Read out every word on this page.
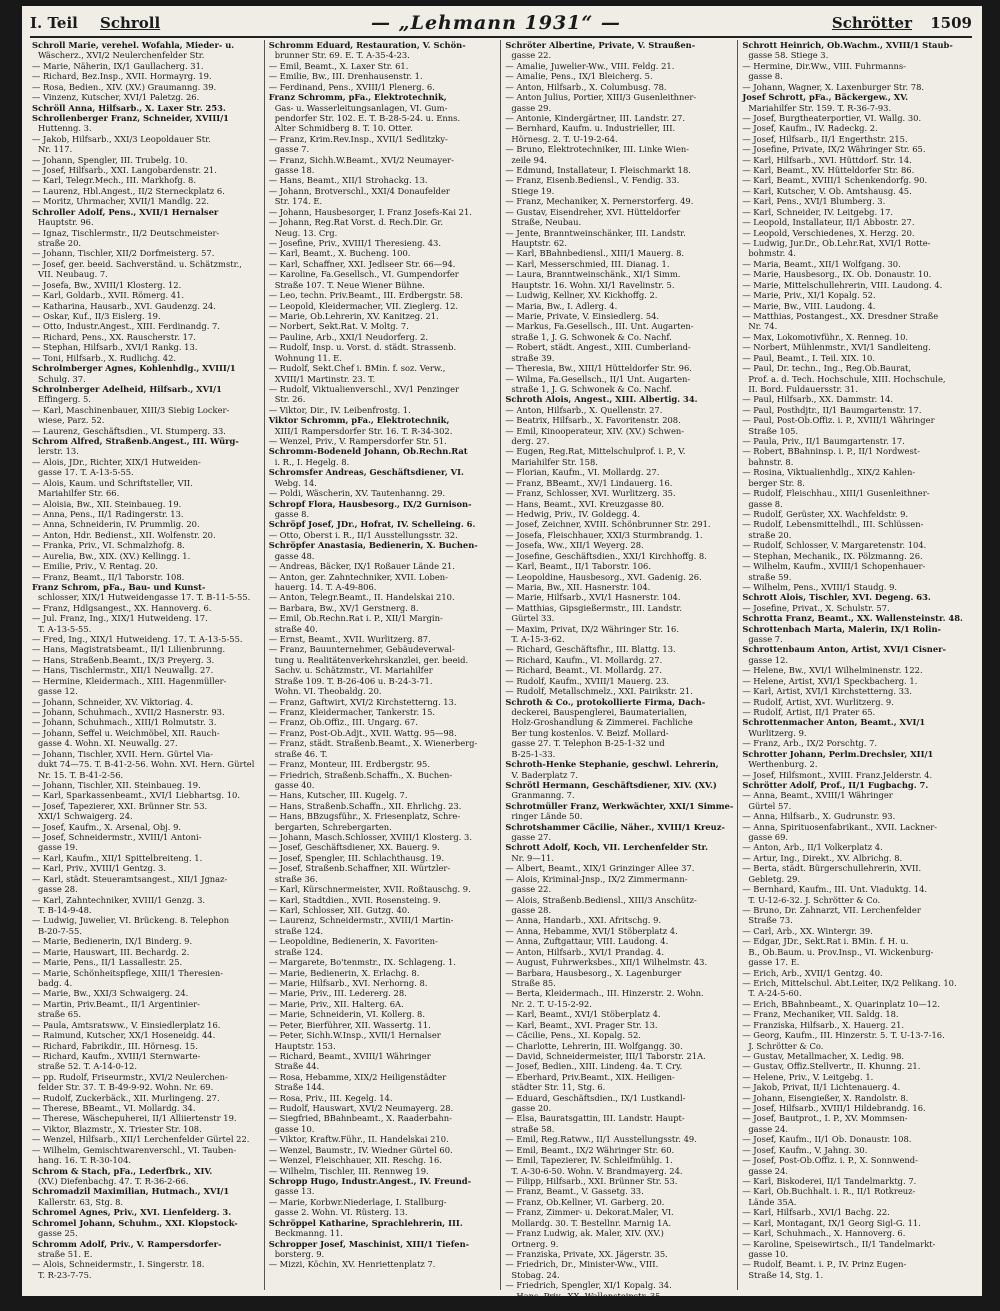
I. Teil	Schroll	— „Lehmann 1931“ —	Schrötter	1509
Schroll Marie, verehel. Wofahla, Mieder- u.
Wäscherz., XVI/2 Neulerchenfelder Str.
— Marie, Näherin, IX/1 Gaullacherg. 31.
— Richard, Bez.Insp., XVII. Hormayrg. 19.
— Rosa, Bedien., XIV. (XV.) Graumanng. 39.
— Vinzenz, Kutscher, XVI/1 Paletzg. 26.
Schröll Anna, Hilfsarb., X. Laxer Str. 253.
Schrollenberger Franz, Schneider, XVIII/1
Huttenng. 3.
— Jakob, Hilfsarb., XXI/3 Leopoldauer Str.
Nr. 117.
— Johann, Spengler, III. Trubelg. 10.
— Josef, Hilfsarb., XXI. Langobardenstr. 21.
— Karl, Telegr.Mech., III. Markhofg. 8.
— Laurenz, Hbl.Angest., II/2 Sterneckplatz 6.
— Moritz, Uhrmacher, XVII/1 Mandlg. 22.
Schroller Adolf, Pens., XVII/1 Hernalser
Hauptstr. 96.
— Ignaz, Tischlermstr., II/2 Deutschmeister-
straße 20.
— Johann, Tischler, XII/2 Dorfmeisterg. 57.
— Josef, ger. beeid. Sachverständ. u. Schätzmstr.,
VII. Neubaug. 7.
— Josefa, Bw., XVIII/1 Klosterg. 12.
— Karl, Goldarb., XVII. Römerg. 41.
— Katharina, Hausarb., XVI. Gaudenzg. 24.
— Oskar, Kuf., II/3 Eislerg. 19.
— Otto, Industr.Angest., XIII. Ferdinandg. 7.
— Richard, Pens., XX. Rauscherstr. 17.
— Stephan, Hilfsarb., XVI/1 Rankg. 13.
— Toni, Hilfsarb., X. Rudlichg. 42.
Schrolmberger Agnes, Kohlenhdlg., XVIII/1
Schulg. 37.
Schrolnberger Adelheid, Hilfsarb., XVI/1
Effingerg. 5.
— Karl, Maschinenbauer, XIII/3 Siebig Locker-
wiese, Parz. 52.
— Laurenz, Geschäftsdien., VI. Stumperg. 33.
Schrom Alfred, Straßenb.Angest., III. Würg-
lerstr. 13.
— Alois, JDr., Richter, XIX/1 Hutweiden-
gasse 17. T. A-13-5-55.
— Alois, Kaum. und Schriftsteller, VII.
Mariahilfer Str. 66.
— Aloisia, Bw., XII. Steinbaueg. 19.
— Anna, Pens., II/1 Radingerstr. 13.
— Anna, Schneiderin, IV. Prummlig. 20.
— Anton, Hdr. Bedienst., XII. Wolfenstr. 20.
— Franka, Priv., VI. Schmalzhofg. 8.
— Aurelia, Bw., XIX. (XV.) Kellingg. 1.
— Emilie, Priv., V. Rentag. 20.
— Franz, Beamt., II/1 Taborstr. 108.
Franz Schrom, pFa., Bau- und Kunst-
schlosser, XIX/1 Hutweidengasse 17. T. B-11-5-55.
— Franz, Hdlgsangest., XX. Hannoverg. 6.
— Jul. Franz, Ing., XIX/1 Hutweideng. 17.
T. A-13-5-55.
— Fred, Ing., XIX/1 Hutweideng. 17. T. A-13-5-55.
— Hans, Magistratsbeamt., II/1 Lilienbrunng.
— Hans, Straßenb.Beamt., IX/3 Preyerg. 3.
— Hans, Tischlermstr., XII/1 Neuwallg. 27.
— Hermine, Kleidermach., XIII. Hagenmüller-
gasse 12.
— Johann, Schneider, XV. Viktoriag. 4.
— Johann, Schuhmach., XVII/2 Hasnerstr. 93.
— Johann, Schuhmach., XIII/1 Rolmutstr. 3.
— Johann, Seffel u. Weichmöbel, XII. Rauch-
gasse 4. Wohn. XI. Neuwallg. 27.
— Johann, Tischler, XVII. Hern. Gürtel Via-
dukt 74—75. T. B-41-2-56. Wohn. XVI. Hern. Gürtel
Nr. 15. T. B-41-2-56.
— Johann, Tischler, XII. Steinbaueg. 19.
— Karl, Sparkassenbeamt., XVI/1 Liebhartsg. 10.
— Josef, Tapezierer, XXI. Brünner Str. 53.
XXI/1 Schwaigerg. 24.
— Josef, Kaufm., X. Arsenal, Obj. 9.
— Josef, Schneidermstr., XVIII/1 Antoni-
gasse 19.
— Karl, Kaufm., XII/1 Spittelbreiteng. 1.
— Karl, Priv., XVIII/1 Gentzg. 3.
— Karl, städt. Steueramtsangest., XII/1 Jgnaz-
gasse 28.
— Karl, Zahntechniker, XVIII/1 Genzg. 3.
T. B-14-9-48.
— Ludwig, Juwelier, VI. Brückeng. 8. Telephon
B-20-7-55.
— Marie, Bedienerin, IX/1 Binderg. 9.
— Marie, Hauswart, III. Bechardg. 2.
— Marie, Pens., II/1 Lassallestr. 25.
— Marie, Schönheitspflege, XIII/1 Theresien-
badg. 4.
— Marie, Bw., XXI/3 Schwaigerg. 24.
— Martin, Priv.Beamt., II/1 Argentinier-
straße 65.
— Paula, Amtsratsww., V. Einsiedlerplatz 16.
— Raimund, Kutscher, XX/1 Hoseneidg. 44.
— Richard, Fabrikdir., III. Hörnesg. 15.
— Richard, Kaufm., XVIII/1 Sternwarte-
straße 52. T. A-14-0-12.
— pp. Rudolf, Friseurmstr., XVI/2 Neulerchen-
felder Str. 37. T. B-49-9-92. Wohn. Nr. 69.
— Rudolf, Zuckerbäck., XII. Murlingeng. 27.
— Therese, BBeamt., VI. Mollardg. 34.
— Therese, Wäschepuherei, II/1 Alliiertenstr 19.
— Viktor, Blazmstr., X. Triester Str. 108.
— Wenzel, Hilfsarb., XII/1 Lerchenfelder Gürtel 22.
— Wilhelm, Gemischtwarenverschl., VI. Tauben-
hang. 16. T. R-30-104.
Schrom & Stach, pFa., Lederfbrk., XIV.
(XV.) Diefenbachg. 47. T. R-36-2-66.
Schromadzil Maximilian, Hutmach., XVI/1
Kallerstr. 63, Stg. 8.
Schromel Agnes, Priv., XVI. Lienfelderg. 3.
Schromel Johann, Schuhm., XXI. Klopstock-
gasse 25.
Schromm Adolf, Priv., V. Rampersdorfer-
straße 51. E.
— Alois, Schneidermstr., I. Singerstr. 18.
T. R-23-7-75.
Schromm Eduard, Restauration, V. Schön-
brunner Str. 69. E. T. A-35-4-23.
— Emil, Beamt., X. Laxer Str. 61.
— Emilie, Bw., III. Drenhausenstr. 1.
— Ferdinand, Pens., XVIII/1 Plenerg. 6.
Franz Schromm, pFa., Elektrotechnik,
Gas- u. Wasserleitungsanlagen, VI. Gum-
pendorfer Str. 102. E. T. B-28-5-24. u. Enns.
Alter Schmidberg 8. T. 10. Otter.
— Franz, Krim.Rev.Insp., XVII/1 Sedlitzky-
gasse 7.
— Franz, Sichh.W.Beamt., XVI/2 Neumayer-
gasse 18.
— Hans, Beamt., XII/1 Strohackg. 13.
— Johann, Brotverschl., XXI/4 Donaufelder
Str. 174. E.
— Johann, Hausbesorger, I. Franz Josefs-Kai 21.
— Johann, Reg.Rat Vorst. d. Rech.Dir. Gr.
Neug. 13. Crg.
— Josefine, Priv., XVIII/1 Theresieng. 43.
— Karl, Beamt., X. Bucheng. 100.
— Karl, Schaffner, XXI. Jedlseer Str. 66—94.
— Karoline, Fa.Gesellsch., VI. Gumpendorfer
Straße 107. T. Neue Wiener Bühne.
— Leo, techn. Priv.Beamt., III. Erdbergstr. 58.
— Leopold, Kleidermacher, VII. Zieglerg. 12.
— Marie, Ob.Lehrerin, XV. Kanitzeg. 21.
— Norbert, Sekt.Rat. V. Moltg. 7.
— Pauline, Arb., XXI/1 Neudorferg. 2.
— Rudolf, Insp. u. Vorst. d. städt. Strassenb.
Wohnung 11. E.
— Rudolf, Sekt.Chef i. BMin. f. soz. Verw.,
XVIII/1 Martinstr. 23. T.
— Rudolf, Viktualienverschl., XV/1 Penzinger
Str. 26.
— Viktor, Dir., IV. Leibenfrostg. 1.
Viktor Schromm, pFa., Elektrotechnik,
XIII/1 Rampersdorfer Str. 16. T. R-34-302.
— Wenzel, Priv., V. Rampersdorfer Str. 51.
Schromm-Bodeneld Johann, Ob.Rechn.Rat
i. R., I. Hegelg. 8.
Schromsfer Andreas, Geschäftsdiener, VI.
Webg. 14.
— Poldi, Wäscherin, XV. Tautenhanng. 29.
Schropf Flora, Hausbesorg., IX/2 Gurnison-
gasse 8.
Schröpf Josef, JDr., Hofrat, IV. Schelleing. 6.
— Otto, Oberst i. R., II/1 Ausstellungsstr. 32.
Schröpfer Anastasia, Bedienerin, X. Buchen-
gasse 48.
— Andreas, Bäcker, IX/1 Roßauer Lände 21.
— Anton, ger. Zahntechniker, XVII. Loben-
hauerg. 14. T. A-49-806.
— Anton, Telegr.Beamt., II. Handelskai 210.
— Barbara, Bw., XV/1 Gerstnerg. 8.
— Emil, Ob.Rechn.Rat i. P., XII/1 Margin-
straße 40.
— Ernst, Beamt., XVII. Wurlitzerg. 87.
— Franz, Bauunternehmer, Gebäudeverwal-
tung u. Realitätenverkehrskanzlei, ger. beeid.
Sachv. u. Schätzmstr., VI. Mariahilfer
Straße 109. T. B-26-406 u. B-24-3-71.
Wohn. VI. Theobaldg. 20.
— Franz, Gaftwirt, XVI/2 Kirchstetterng. 13.
— Franz, Kleidermacher, Tankerstr. 15.
— Franz, Ob.Offiz., III. Ungarg. 67.
— Franz, Post-Ob.Adjt., XVII. Wattg. 95—98.
— Franz, städt. Straßenb.Beamt., X. Wienerberg-
straße 46. T.
— Franz, Monteur, III. Erdbergstr. 95.
— Friedrich, Straßenb.Schaffn., X. Buchen-
gasse 40.
— Hans, Kutscher, III. Kugelg. 7.
— Hans, Straßenb.Schaffn., XII. Ehrlichg. 23.
— Hans, BBzugsführ., X. Friesenplatz, Schre-
bergarten, Schrebergarten.
— Johann, Masch.Schlosser, XVIII/1 Klosterg. 3.
— Josef, Geschäftsdiener, XX. Bauerg. 9.
— Josef, Spengler, III. Schlachthausg. 19.
— Josef, Straßenb.Schaffner, XII. Würtzler-
straße 36.
— Karl, Kürschnermeister, XVII. Roßtauschg. 9.
— Karl, Stadtdien., XVII. Rosensteing. 9.
— Karl, Schlosser, XII. Gutzg. 40.
— Laurenz, Schneidermstr., XVIII/1 Martin-
straße 124.
— Leopoldine, Bedienerin, X. Favoriten-
straße 124.
— Margarete, Bo'tenmstr., IX. Schlageng. 1.
— Marie, Bedienerin, X. Erlachg. 8.
— Marie, Hilfsarb., XVI. Nerhorng. 8.
— Marie, Priv., III. Ledererg. 28.
— Marie, Priv., XII. Halterg. 6A.
— Marie, Schneiderin, VI. Kollerg. 8.
— Peter, Bierführer, XII. Wassertg. 11.
— Peter, Sichh.W.Insp., XVII/1 Hernalser
Hauptstr. 153.
— Richard, Beamt., XVIII/1 Währinger
Straße 44.
— Rosa, Hebamme, XIX/2 Heiligenstädter
Straße 144.
— Rosa, Priv., III. Kegelg. 14.
— Rudolf, Hauswart, XVI/2 Neumayerg. 28.
— Siegfried, BBahnbeamt., X. Raaderbahn-
gasse 10.
— Viktor, Kraftw.Führ., II. Handelskai 210.
— Wenzel, Baumstr., IV. Wiedner Gürtel 60.
— Wenzel, Fleischhauer, XII. Reschg. 16.
— Wilhelm, Tischler, III. Rennweg 19.
Schropp Hugo, Industr.Angest., IV. Freund-
gasse 13.
— Marie, Korbwr.Niederlage, I. Stallburg-
gasse 2. Wohn. VI. Rüsterg. 13.
Schröppel Katharine, Sprachlehrerin, III.
Beckmanng. 11.
Schropper Josef, Maschinist, XIII/1 Tiefen-
borsterg. 9.
— Mizzi, Köchin, XV. Henriettenplatz 7.
Schröter Albertine, Private, V. Straußen-
gasse 22.
— Amalie, Juwelier-Ww., VIII. Feldg. 21.
— Amalie, Pens., IX/1 Bleicherg. 5.
— Anton, Hilfsarb., X. Columbusg. 78.
— Anton Julius, Portier, XIII/3 Gusenleithner-
gasse 29.
— Antonie, Kindergärtner, III. Landstr. 27.
— Bernhard, Kaufm. u. Industrieller, III.
Hörnesg. 2. T. U-19-2-64.
— Bruno, Elektrotechniker, III. Linke Wien-
zeile 94.
— Edmund, Installateur, I. Fleischmarkt 18.
— Franz, Eisenb.Bediensl., V. Fendig. 33.
Stiege 19.
— Franz, Mechaniker, X. Pernerstorferg. 49.
— Gustav, Eisendreher, XVI. Hütteldorfer
Straße, Neubau.
— Jente, Branntweinschänker, III. Landstr.
Hauptstr. 62.
— Karl, BBahnbediensl., XIII/1 Mauerg. 8.
— Karl, Messerschmied, III. Dianag. 1.
— Laura, Branntweinschänk., XI/1 Simm.
Hauptstr. 16. Wohn. XI/1 Ravelinstr. 5.
— Ludwig, Kellner, XV. Kickhoffg. 2.
— Maria, Bw., I. Adlerg. 4.
— Marie, Private, V. Einsiedlerg. 54.
— Markus, Fa.Gesellsch., III. Unt. Augarten-
straße 1, J. G. Schwonek & Co. Nachf.
— Robert, städt. Angest., XIII. Cumberland-
straße 39.
— Theresia, Bw., XIII/1 Hütteldorfer Str. 96.
— Wilma, Fa.Gesellsch., II/1 Unt. Augarten-
straße 1, J. G. Schwonek & Co. Nachf.
Schroth Alois, Angest., XIII. Albertig. 34.
— Anton, Hilfsarb., X. Quellenstr. 27.
— Beatrix, Hilfsarb., X. Favoritenstr. 208.
— Emil, Kinooperateur, XIV. (XV.) Schwen-
derg. 27.
— Eugen, Reg.Rat, Mittelschulprof. i. P., V.
Mariahilfer Str. 158.
— Florian, Kaufm., VI. Mollardg. 27.
— Franz, BBeamt., XV/1 Lindauerg. 16.
— Franz, Schlosser, XVI. Wurlitzerg. 35.
— Hans, Beamt., XVI. Kreuzgasse 80.
— Hedwig, Priv., IV. Goldegg. 4.
— Josef, Zeichner, XVIII. Schönbrunner Str. 291.
— Josefa, Fleischhauer, XXI/3 Sturmbrandg. 1.
— Josefa, Ww., XII/1 Weyerg. 28.
— Josefine, Geschäftsdien., XXI/1 Kirchhoffg. 8.
— Karl, Beamt., II/1 Taborstr. 106.
— Leopoldine, Hausbesorg., XVI. Gadenig. 26.
— Maria, Bw., XII. Hasnerstr. 104.
— Marie, Hilfsarb., XVI/1 Hasnerstr. 104.
— Matthias, Gipsgießermstr., III. Landstr.
Gürtel 33.
— Maxim, Privat, IX/2 Währinger Str. 16.
T. A-15-3-62.
— Richard, Geschäftsfhr., III. Blattg. 13.
— Richard, Kaufm., VI. Mollardg. 27.
— Richard, Beamt., VI. Mollardg. 27.
— Rudolf, Kaufm., XVIII/1 Mauerg. 23.
— Rudolf, Metallschmelz., XXI. Pairikstr. 21.
Schroth & Co., protokollierte Firma, Dach-
deckerei, Bauspenglerei, Baumaterialien,
Holz-Groshandlung & Zimmerei. Fachliche
Ber tung kostenlos. V. Beizf. Mollard-
gasse 27. T. Telephon B-25-1-32 und
B-25-1-33.
Schroth-Henke Stephanie, geschwl. Lehrerin,
V. Baderplatz 7.
Schrötl Hermann, Geschäftsdiener, XIV. (XV.)
Granmanng. 7.
Schrotmüller Franz, Werkwächter, XXI/1 Simme-
ringer Lände 50.
Schrotshammer Cäcilie, Näher., XVIII/1 Kreuz-
gasse 27.
Schrott Adolf, Koch, VII. Lerchenfelder Str.
Nr. 9—11.
— Albert, Beamt., XIX/1 Grinzinger Allee 37.
— Alois, Kriminal-Jnsp., IX/2 Zimmermann-
gasse 22.
— Alois, Straßenb.Bediensl., XIII/3 Anschütz-
gasse 28.
— Anna, Handarb., XXI. Afritschg. 9.
— Anna, Hebamme, XVI/1 Stöberplatz 4.
— Anna, Zuftgattaur, VIII. Laudong. 4.
— Anton, Hilfsarb., XVI/1 Prandag. 4.
— August, Fuhrwerksbes., XII/1 Wilhelmstr. 43.
— Barbara, Hausbesorg., X. Lagenburger
Straße 85.
— Berta, Kleidermach., III. Hinzerstr. 2. Wohn.
Nr. 2. T. U-15-2-92.
— Karl, Beamt., XVI/1 Stöberplatz 4.
— Karl, Beamt., XVI. Prager Str. 13.
— Cäcilie, Pens., XI. Kopalg. 52.
— Charlotte, Lehrerin, III. Wolfgangg. 30.
— David, Schneidermeister, III/1 Taborstr. 21A.
— Josef, Bedien., XIII. Lindeng. 4a. T. Cry.
— Eberhard, Priv.Beamt., XIX. Heiligen-
städter Str. 11, Stg. 6.
— Eduard, Geschäftsdien., IX/1 Lustkandl-
gasse 20.
— Elsa, Bauratsgattin, III. Landstr. Haupt-
straße 58.
— Emil, Reg.Ratww., II/1 Ausstellungsstr. 49.
— Emil, Beamt., IX/2 Währinger Str. 60.
— Emil, Tapezierer, IV. Schleifmühlg. 1.
T. A-30-6-50. Wohn. V. Brandmayerg. 24.
— Filipp, Hilfsarb., XXI. Brünner Str. 53.
— Franz, Beamt., V. Gassetg. 33.
— Franz, Ob.Kellner, VI. Garberg. 20.
— Franz, Zimmer- u. Dekorat.Maler, VI.
Mollardg. 30. T. Bestellnr. Marnig 1A.
— Franz Ludwig, ak. Maler, XIV. (XV.)
Ortnerg. 9.
— Franziska, Private, XX. Jägerstr. 35.
— Friedrich, Dr., Minister-Ww., VIII.
Stobag. 24.
— Friedrich, Spengler, XI/1 Kopalg. 34.
— Hans, Priv., XX. Wallensteinstr. 35.
— Hanft, Schneidermstr., VII. Neubaug. 45.
Schrott Heinrich, Ob.Wachm., XVIII/1 Staub-
gasse 58. Stiege 3.
— Hermine, Dir.Ww., VIII. Fuhrmanns-
gasse 8.
— Johann, Wagner, X. Laxenburger Str. 78.
Josef Schrott, pFa., Bäckergew., XV.
Mariahilfer Str. 159. T. R-36-7-93.
— Josef, Burgtheaterportier, VI. Wallg. 30.
— Josef, Kaufm., IV. Radeckg. 2.
— Josef, Hilfsarb., II/1 Engerthstr. 215.
— Josefine, Private, IX/2 Währinger Str. 65.
— Karl, Hilfsarb., XVI. Hüttdorf. Str. 14.
— Karl, Beamt., XV. Hütteldorfer Str. 86.
— Karl, Beamt., XVIII/1 Schenkendorfg. 90.
— Karl, Kutscher, V. Ob. Amtshausg. 45.
— Karl, Pens., XVI/1 Blumberg. 3.
— Karl, Schneider, IV. Leitgebg. 17.
— Leopold, Installateur, II/1 Abbostr. 27.
— Leopold, Verschiedenes, X. Herzg. 20.
— Ludwig, Jur.Dr., Ob.Lehr.Rat, XVI/1 Rotte-
bohmstr. 4.
— Maria, Beamt., XII/1 Wolfgang. 30.
— Marie, Hausbesorg., IX. Ob. Donaustr. 10.
— Marie, Mittelschullehrerin, VIII. Laudong. 4.
— Marie, Priv., XI/1 Kopalg. 52.
— Marie, Bw., VIII. Laudong. 4.
— Matthias, Postangest., XX. Dresdner Straße
Nr. 74.
— Max, Lokomotivführ., X. Renneg. 10.
— Norbert, Mühlenmstr., XVI/1 Sandleiteng.
— Paul, Beamt., I. Teil. XIX. 10.
— Paul, Dr. techn., Ing., Reg.Ob.Baurat,
Prof. a. d. Tech. Hochschule, XIII. Hochschule,
II. Bord. Fuldauersstr. 31.
— Paul, Hilfsarb., XX. Dammstr. 14.
— Paul, Posthdjtr., II/1 Baumgartenstr. 17.
— Paul, Post-Ob.Offiz. i. P., XVIII/1 Währinger
Straße 105.
— Paula, Priv., II/1 Baumgartenstr. 17.
— Robert, BBahninsp. i. P., II/1 Nordwest-
bahnstr. 8.
— Rosina, Viktualienhdlg., XIX/2 Kahlen-
berger Str. 8.
— Rudolf, Fleischhau., XIII/1 Gusenleithner-
gasse 8.
— Rudolf, Gerüster, XX. Wachfeldstr. 9.
— Rudolf, Lebensmittelhdl., III. Schlüssen-
straße 20.
— Rudolf, Schlosser, V. Margaretenstr. 104.
— Stephan, Mechanik., IX. Pölzmanng. 26.
— Wilhelm, Kaufm., XVIII/1 Schopenhauer-
straße 59.
— Wilhelm, Pens., XVIII/1 Staudg. 9.
Schrott Alois, Tischler, XVI. Degeng. 63.
— Josefine, Privat., X. Schulstr. 57.
Schrotta Franz, Beamt., XX. Wallensteinstr. 48.
Schrottenbach Marta, Malerin, IX/1 Rolin-
gasse 7.
Schrottenbaum Anton, Artist, XVI/1 Cisner-
gasse 12.
— Helene, Bw., XVI/1 Wilhelminenstr. 122.
— Helene, Artist, XVI/1 Speckbacherg. 1.
— Karl, Artist, XVI/1 Kirchstetterng. 33.
— Rudolf, Artist, XVI. Wurlitzerg. 9.
— Rudolf, Artist, II/1 Prater 65.
Schrottenmacher Anton, Beamt., XVI/1
Wurlitzerg. 9.
— Franz, Arb., IX/2 Porschtg. 7.
Schrotter Johann, Perlm.Drechsler, XII/1
Werthenburg. 2.
— Josef, Hilfsmont., XVIII. Franz.Jelderstr. 4.
Schrötter Adolf, Prof., II/1 Fugbachg. 7.
— Anna, Beamt., XVIII/1 Währinger
Gürtel 57.
— Anna, Hilfsarb., X. Gudrunstr. 93.
— Anna, Spirituosenfabrikant., XVII. Lackner-
gasse 69.
— Anton, Arb., II/1 Volkerplatz 4.
— Artur, Ing., Direkt., XV. Albrichg. 8.
— Berta, städt. Bürgerschullehrerin, XVII.
Gebletg. 29.
— Bernhard, Kaufm., III. Unt. Viaduktg. 14.
T. U-12-6-32. J. Schrötter & Co.
— Bruno, Dr. Zahnarzt, VII. Lerchenfelder
Straße 73.
— Carl, Arb., XX. Wintergr. 39.
— Edgar, JDr., Sekt.Rat i. BMin. f. H. u.
B., Ob.Baum. u. Prov.Insp., VI. Wickenburg-
gasse 17. E.
— Erich, Arb., XVII/1 Gentzg. 40.
— Erich, Mittelschul. Abt.Leiter, IX/2 Pelikang. 10.
T. A-24-5-60.
— Erich, BBahnbeamt., X. Quarinplatz 10—12.
— Franz, Mechaniker, VII. Saldg. 18.
— Franziska, Hilfsarb., X. Hauerg. 21.
— Georg, Kaufm., III. Hinzerstr. 5. T. U-13-7-16.
J. Schrötter & Co.
— Gustav, Metallmacher, X. Ledig. 98.
— Gustav, Offiz.Stellvertr., II. Khunng. 21.
— Helene, Priv., V. Leitgebg. 1.
— Jakob, Privat, II/1 Lichtenauerg. 4.
— Johann, Eisengießer, X. Randolstr. 8.
— Josef, Hilfsarb., XVIII/1 Hildebrandg. 16.
— Josef, Bautprot., I. P., XV. Mommsen-
gasse 24.
— Josef, Kaufm., II/1 Ob. Donaustr. 108.
— Josef, Kaufm., V. Jahng. 30.
— Josef, Post-Ob.Offiz. i. P., X. Sonnwend-
gasse 24.
— Karl, Biskoderei, II/1 Tandelmarktg. 7.
— Karl, Ob.Buchhalt. i. R., II/1 Rotkreuz-
Lände 35A.
— Karl, Hilfsarb., XVI/1 Bachg. 22.
— Karl, Montagant, IX/1 Georg Sigl-G. 11.
— Karl, Schuhmach., X. Hannoverg. 6.
— Karoline, Speisewirtsch., II/1 Tandelmarkt-
gasse 10.
— Rudolf, Beamt. i. P., IV. Prinz Eugen-
Straße 14, Stg. 1.
